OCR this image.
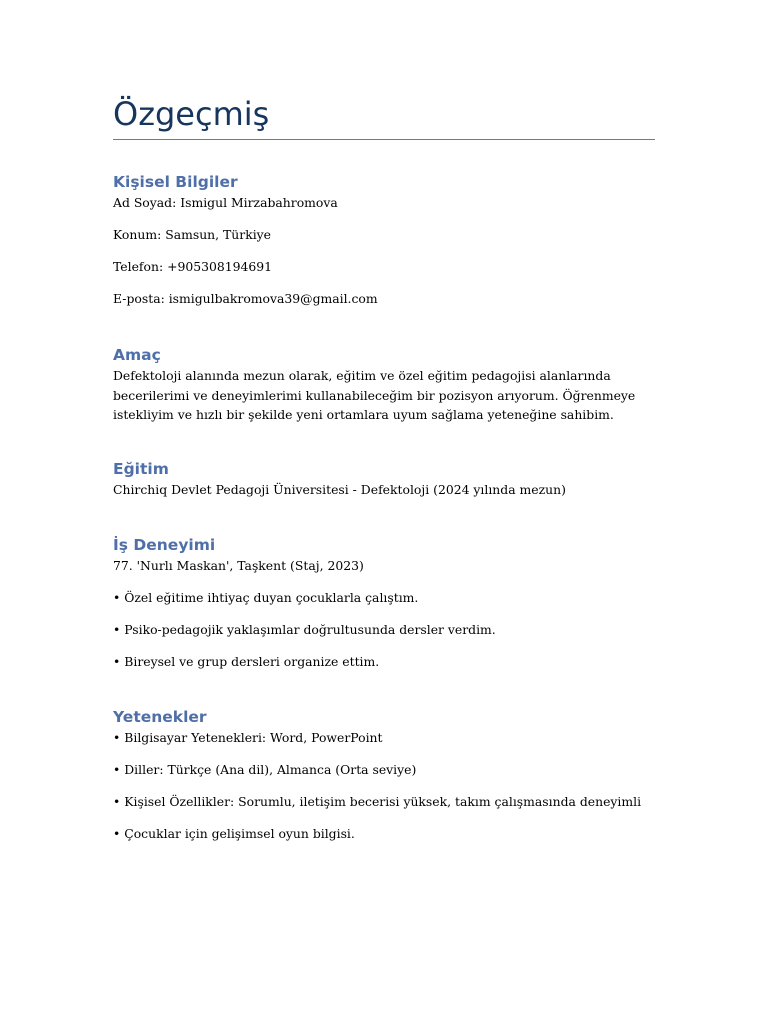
Özgeçmiş
Kişisel Bilgiler

Ad Soyad: Ismigul Mirzabahromova

Konum: Samsun, Türkiye

Telefon: +905308194691

E-posta: ismigulbakromova39@gmail.com

Amaç

Defektoloji alanında mezun olarak, eğitim ve özel eğitim pedagojisi alanlarında becerilerimi ve deneyimlerimi kullanabileceğim bir pozisyon arıyorum. Öğrenmeye istekliyim ve hızlı bir şekilde yeni ortamlara uyum sağlama yeteneğine sahibim.

Eğitim

Chirchiq Devlet Pedagoji Üniversitesi - Defektoloji (2024 yılında mezun)

İş Deneyimi

77. 'Nurlı Maskan', Taşkent (Staj, 2023)

• Özel eğitime ihtiyaç duyan çocuklarla çalıştım.

• Psiko-pedagojik yaklaşımlar doğrultusunda dersler verdim.

• Bireysel ve grup dersleri organize ettim.

Yetenekler

• Bilgisayar Yetenekleri: Word, PowerPoint

• Diller: Türkçe (Ana dil), Almanca (Orta seviye)

• Kişisel Özellikler: Sorumlu, iletişim becerisi yüksek, takım çalışmasında deneyimli

• Çocuklar için gelişimsel oyun bilgisi.
